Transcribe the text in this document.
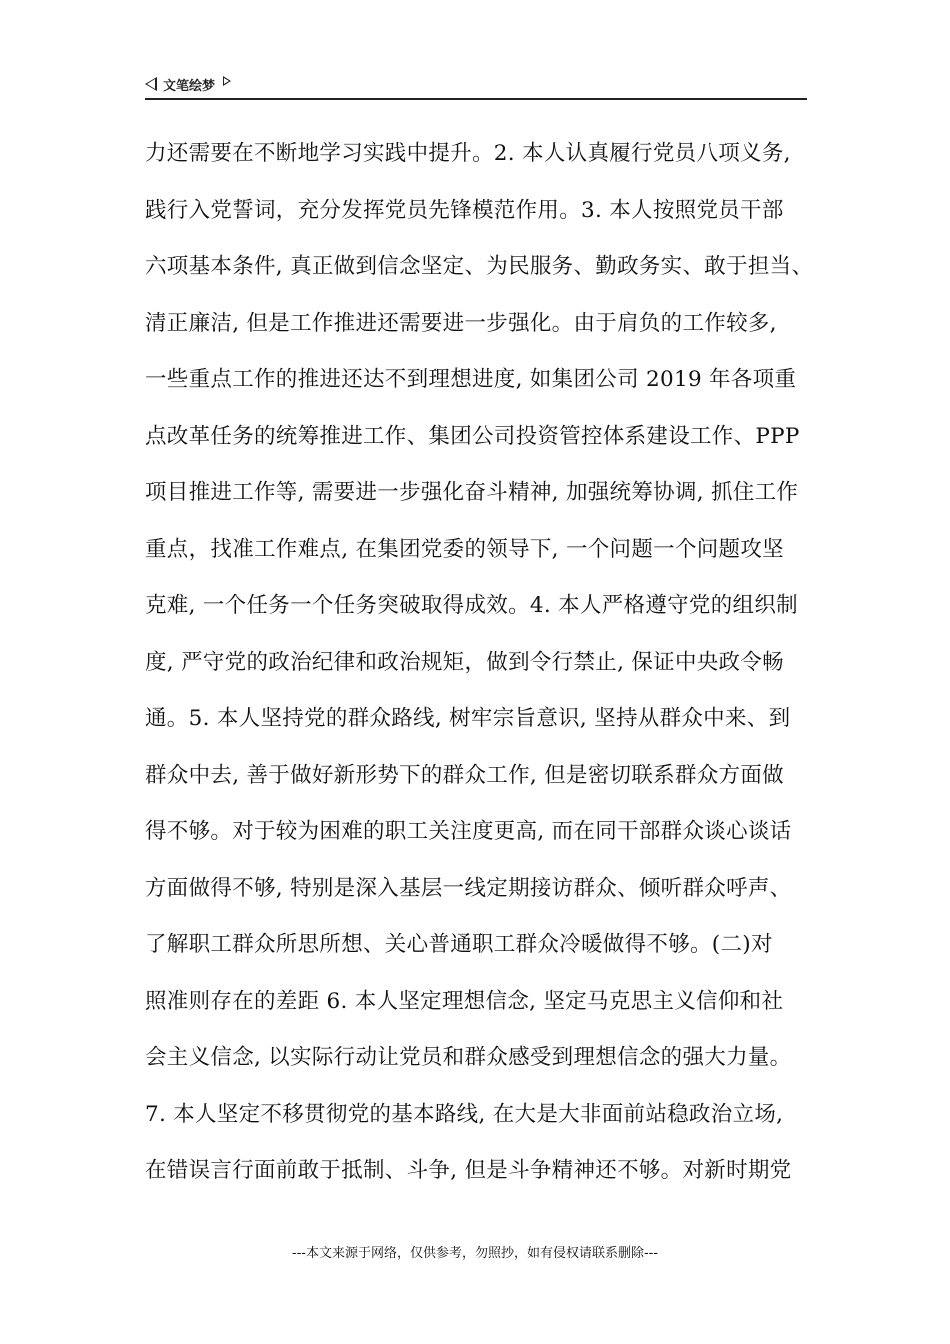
文笔绘梦
力还需要在不断地学习实践中提升。2. 本人认真履行党员八项义务,
践行入党誓词，充分发挥党员先锋模范作用。3. 本人按照党员干部
六项基本条件, 真正做到信念坚定、为民服务、勤政务实、敢于担当、
清正廉洁, 但是工作推进还需要进一步强化。由于肩负的工作较多,
一些重点工作的推进还达不到理想进度, 如集团公司 2019 年各项重
点改革任务的统筹推进工作、集团公司投资管控体系建设工作、PPP
项目推进工作等, 需要进一步强化奋斗精神, 加强统筹协调, 抓住工作
重点，找准工作难点, 在集团党委的领导下, 一个问题一个问题攻坚
克难, 一个任务一个任务突破取得成效。4. 本人严格遵守党的组织制
度, 严守党的政治纪律和政治规矩，做到令行禁止, 保证中央政令畅
通。5. 本人坚持党的群众路线, 树牢宗旨意识, 坚持从群众中来、到
群众中去, 善于做好新形势下的群众工作, 但是密切联系群众方面做
得不够。对于较为困难的职工关注度更高, 而在同干部群众谈心谈话
方面做得不够, 特别是深入基层一线定期接访群众、倾听群众呼声、
了解职工群众所思所想、关心普通职工群众冷暖做得不够。(二)对
照准则存在的差距 6. 本人坚定理想信念, 坚定马克思主义信仰和社
会主义信念, 以实际行动让党员和群众感受到理想信念的强大力量。
7. 本人坚定不移贯彻党的基本路线, 在大是大非面前站稳政治立场,
在错误言行面前敢于抵制、斗争, 但是斗争精神还不够。对新时期党
---本文来源于网络，仅供参考，勿照抄，如有侵权请联系删除---
